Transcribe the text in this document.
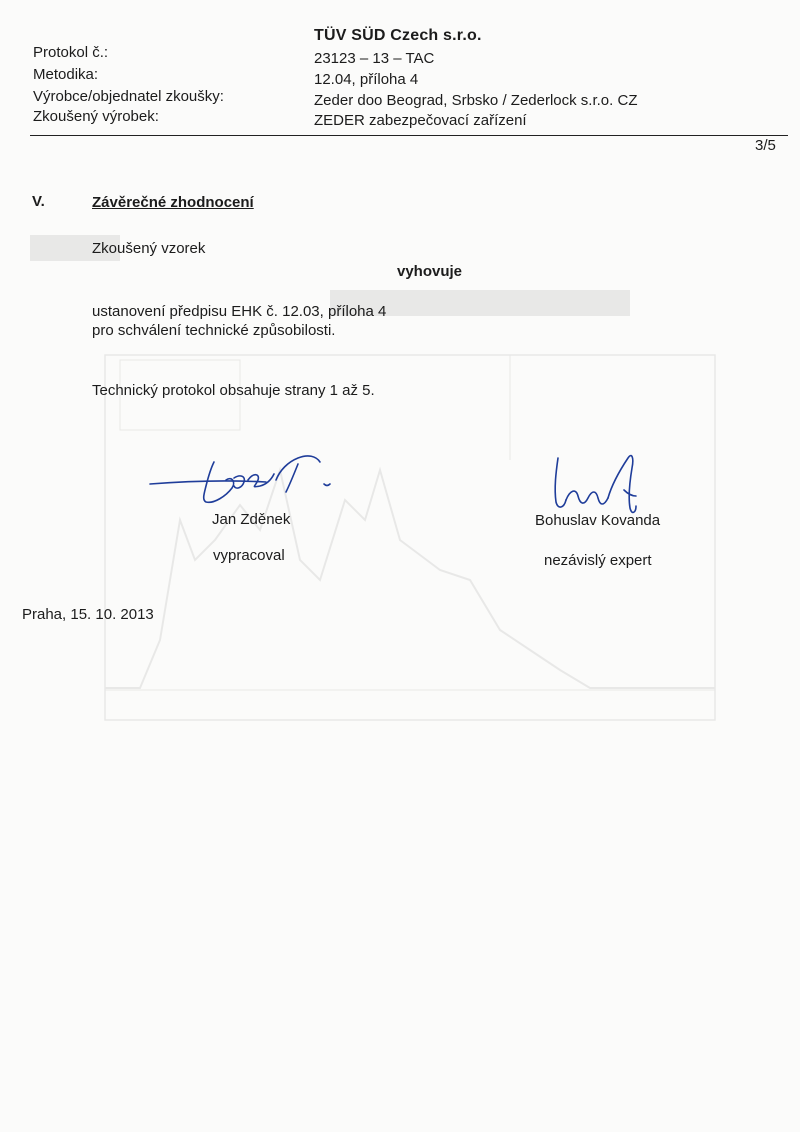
TÜV SÜD Czech s.r.o.
Protokol č.:	23123 – 13 – TAC
Metodika:	12.04, příloha 4
Výrobce/objednatel zkoušky:	Zeder doo Beograd, Srbsko / Zederlock s.r.o. CZ
Zkoušený výrobek:	ZEDER zabezpečovací zařízení
3/5
V.	Závěrečné zhodnocení
Zkoušený vzorek
vyhovuje
ustanovení předpisu EHK č. 12.03, příloha 4
pro schválení technické způsobilosti.
Technický protokol obsahuje strany 1 až 5.
Jan Zděnek
vypracoval
Bohuslav Kovanda
nezávislý expert
Praha, 15. 10. 2013
